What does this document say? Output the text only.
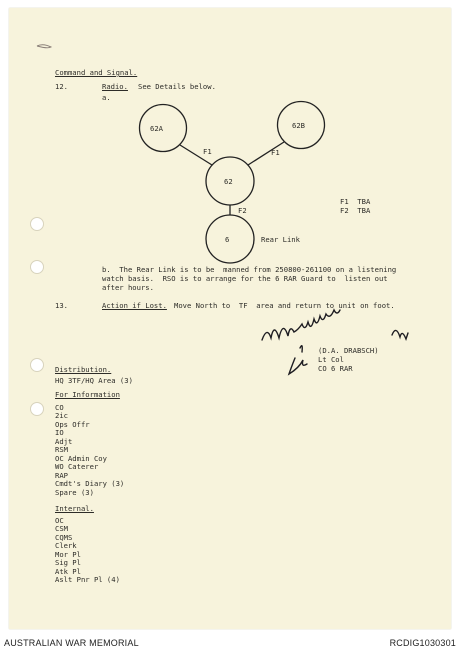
Command and Signal.
12.	Radio. See Details below.
a.
62A	62B
62
6
F1	F1
F2
Rear Link
F1  TBA
F2  TBA
b.  The Rear Link is to be  manned from 250800-261100 on a listening
watch basis.  RSO is to arrange for the 6 RAR Guard to  listen out
after hours.
13.	Action if Lost. Move North to  TF  area and return to unit on foot.
(D.A. DRABSCH)
Lt Col
CO 6 RAR
Distribution.
HQ 3TF/HQ Area (3)
For Information
CO
2ic
Ops Offr
IO
Adjt
RSM
OC Admin Coy
WO Caterer
RAP
Cmdt's Diary (3)
Spare (3)
Internal.
OC
CSM
CQMS
Clerk
Mor Pl
Sig Pl
Atk Pl
Aslt Pnr Pl (4)
AUSTRALIAN WAR MEMORIAL	RCDIG1030301
